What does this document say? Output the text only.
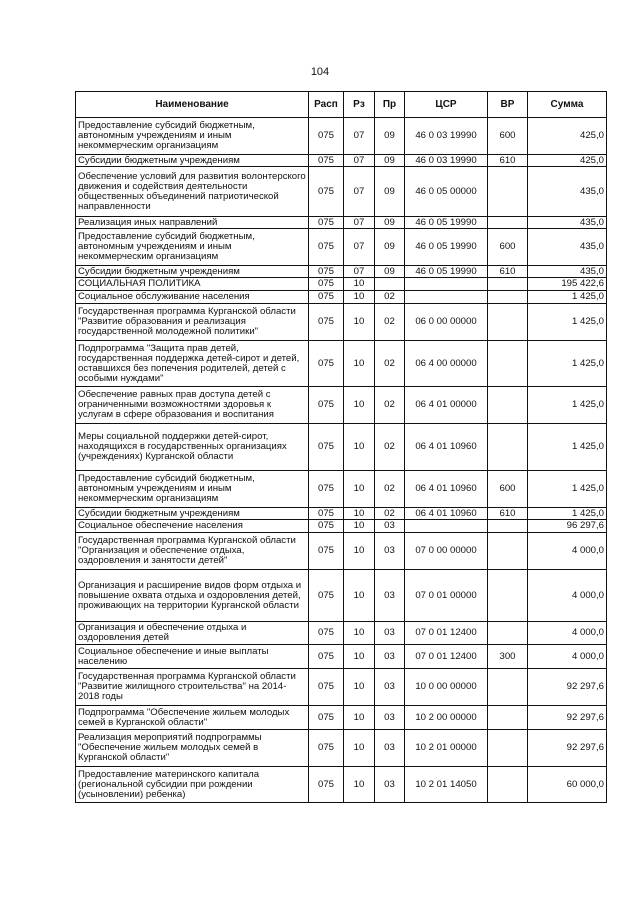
104
Наименование	Расп	Рз	Пр	ЦСР	ВР	Сумма
Предоставление субсидий бюджетным, автономным учреждениям и иным некоммерческим организациям	075	07	09	46 0 03 19990	600	425,0
Субсидии бюджетным учреждениям	075	07	09	46 0 03 19990	610	425,0
Обеспечение условий для развития волонтерского движения и содействия деятельности общественных объединений патриотической направленности	075	07	09	46 0 05 00000		435,0
Реализация иных направлений	075	07	09	46 0 05 19990		435,0
Предоставление субсидий бюджетным, автономным учреждениям и иным некоммерческим организациям	075	07	09	46 0 05 19990	600	435,0
Субсидии бюджетным учреждениям	075	07	09	46 0 05 19990	610	435,0
СОЦИАЛЬНАЯ ПОЛИТИКА	075	10				195 422,6
Социальное обслуживание населения	075	10	02			1 425,0
Государственная программа Курганской области "Развитие образования и реализация государственной молодежной политики"	075	10	02	06 0 00 00000		1 425,0
Подпрограмма "Защита прав детей, государственная поддержка детей-сирот и детей, оставшихся без попечения родителей, детей с особыми нуждами"	075	10	02	06 4 00 00000		1 425,0
Обеспечение равных прав доступа детей с ограниченными возможностями здоровья к услугам в сфере образования и воспитания	075	10	02	06 4 01 00000		1 425,0
Меры социальной поддержки детей-сирот, находящихся в государственных организациях (учреждениях) Курганской области	075	10	02	06 4 01 10960		1 425,0
Предоставление субсидий бюджетным, автономным учреждениям и иным некоммерческим организациям	075	10	02	06 4 01 10960	600	1 425,0
Субсидии бюджетным учреждениям	075	10	02	06 4 01 10960	610	1 425,0
Социальное обеспечение населения	075	10	03			96 297,6
Государственная программа Курганской области "Организация и обеспечение отдыха, оздоровления и занятости детей"	075	10	03	07 0 00 00000		4 000,0
Организация и расширение видов форм отдыха и повышение охвата отдыха и оздоровления детей, проживающих на территории Курганской области	075	10	03	07 0 01 00000		4 000,0
Организация и обеспечение отдыха и оздоровления детей	075	10	03	07 0 01 12400		4 000,0
Социальное обеспечение и иные выплаты населению	075	10	03	07 0 01 12400	300	4 000,0
Государственная программа Курганской области "Развитие жилищного строительства" на 2014-2018 годы	075	10	03	10 0 00 00000		92 297,6
Подпрограмма "Обеспечение жильем молодых семей в Курганской области"	075	10	03	10 2 00 00000		92 297,6
Реализация мероприятий подпрограммы "Обеспечение жильем молодых семей в Курганской области"	075	10	03	10 2 01 00000		92 297,6
Предоставление материнского капитала (региональной субсидии при рождении (усыновлении) ребенка)	075	10	03	10 2 01 14050		60 000,0
